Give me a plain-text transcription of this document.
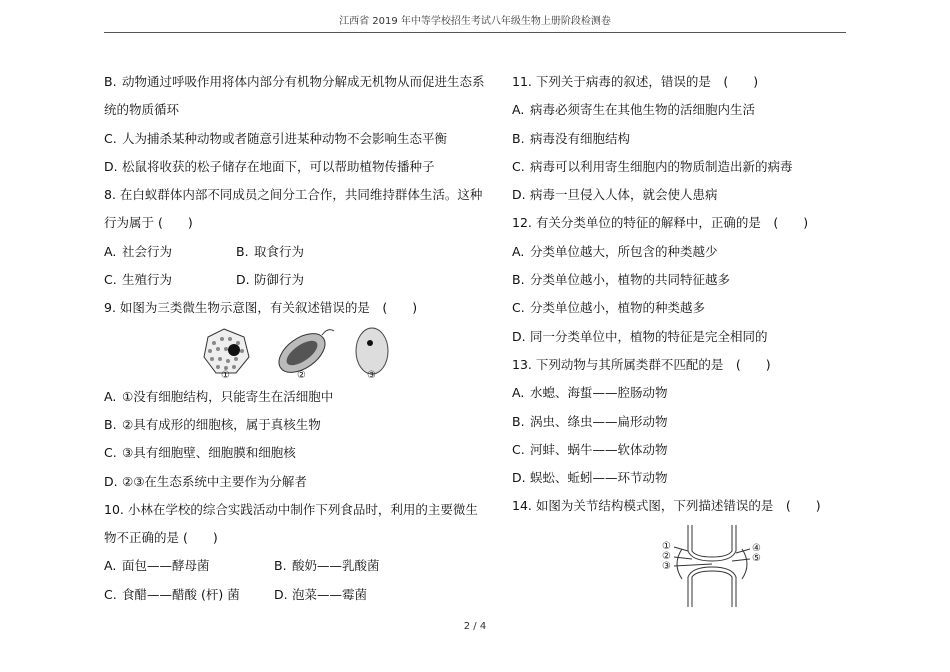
江西省 2019 年中等学校招生考试八年级生物上册阶段检测卷
B. 动物通过呼吸作用将体内部分有机物分解成无机物从而促进生态系
统的物质循环
C. 人为捕杀某种动物或者随意引进某种动物不会影响生态平衡
D. 松鼠将收获的松子储存在地面下，可以帮助植物传播种子
8. 在白蚁群体内部不同成员之间分工合作，共同维持群体生活。这种
行为属于 (　　)
A. 社会行为	B. 取食行为
C. 生殖行为	D. 防御行为
9. 如图为三类微生物示意图，有关叙述错误的是　(　　)
①	②	③
A. ①没有细胞结构，只能寄生在活细胞中
B. ②具有成形的细胞核，属于真核生物
C. ③具有细胞壁、细胞膜和细胞核
D. ②③在生态系统中主要作为分解者
10. 小林在学校的综合实践活动中制作下列食品时，利用的主要微生
物不正确的是 (　　)
A. 面包——酵母菌	B. 酸奶——乳酸菌
C. 食醋——醋酸 (杆) 菌	D. 泡菜——霉菌
11. 下列关于病毒的叙述，错误的是　(　　)
A. 病毒必须寄生在其他生物的活细胞内生活
B. 病毒没有细胞结构
C. 病毒可以利用寄生细胞内的物质制造出新的病毒
D. 病毒一旦侵入人体，就会使人患病
12. 有关分类单位的特征的解释中，正确的是　(　　)
A. 分类单位越大，所包含的种类越少
B. 分类单位越小，植物的共同特征越多
C. 分类单位越小，植物的种类越多
D. 同一分类单位中，植物的特征是完全相同的
13. 下列动物与其所属类群不匹配的是　(　　)
A. 水螅、海蜇——腔肠动物
B. 涡虫、绦虫——扁形动物
C. 河蚌、蜗牛——软体动物
D. 蜈蚣、蚯蚓——环节动物
14. 如图为关节结构模式图，下列描述错误的是　(　　)
①
②
③
④
⑤
2 / 4
